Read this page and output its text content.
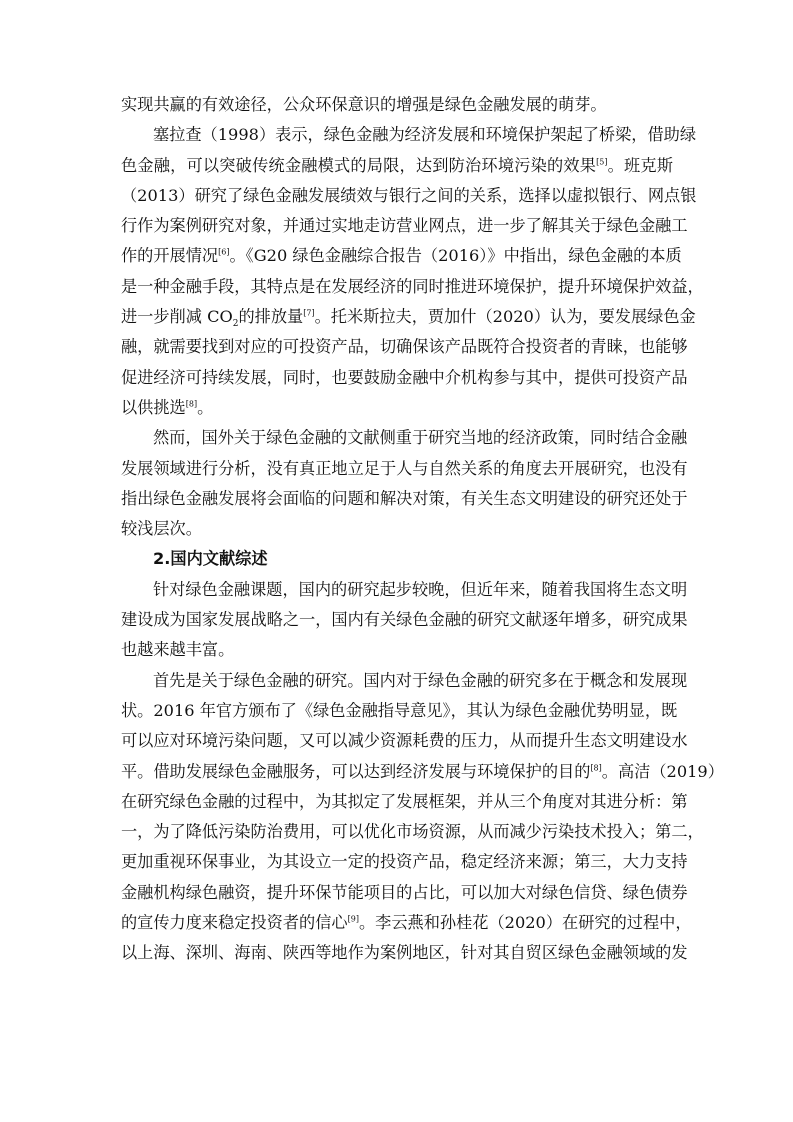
实现共赢的有效途径，公众环保意识的增强是绿色金融发展的萌芽。
塞拉查（1998）表示，绿色金融为经济发展和环境保护架起了桥梁，借助绿
色金融，可以突破传统金融模式的局限，达到防治环境污染的效果[5]。班克斯
（2013）研究了绿色金融发展绩效与银行之间的关系，选择以虚拟银行、网点银
行作为案例研究对象，并通过实地走访营业网点，进一步了解其关于绿色金融工
作的开展情况[6]。《G20 绿色金融综合报告（2016）》中指出，绿色金融的本质
是一种金融手段，其特点是在发展经济的同时推进环境保护，提升环境保护效益，
进一步削减 $CO_2$的排放量[7]。托米斯拉夫，贾加什（2020）认为，要发展绿色金
融，就需要找到对应的可投资产品，切确保该产品既符合投资者的青睐，也能够
促进经济可持续发展，同时，也要鼓励金融中介机构参与其中，提供可投资产品
以供挑选[8]。
然而，国外关于绿色金融的文献侧重于研究当地的经济政策，同时结合金融
发展领域进行分析，没有真正地立足于人与自然关系的角度去开展研究，也没有
指出绿色金融发展将会面临的问题和解决对策，有关生态文明建设的研究还处于
较浅层次。
2.国内文献综述
针对绿色金融课题，国内的研究起步较晚，但近年来，随着我国将生态文明
建设成为国家发展战略之一，国内有关绿色金融的研究文献逐年增多，研究成果
也越来越丰富。
首先是关于绿色金融的研究。国内对于绿色金融的研究多在于概念和发展现
状。2016 年官方颁布了《绿色金融指导意见》，其认为绿色金融优势明显，既
可以应对环境污染问题，又可以减少资源耗费的压力，从而提升生态文明建设水
平。借助发展绿色金融服务，可以达到经济发展与环境保护的目的[8]。高洁（2019）
在研究绿色金融的过程中，为其拟定了发展框架，并从三个角度对其进分析：第
一，为了降低污染防治费用，可以优化市场资源，从而减少污染技术投入；第二，
更加重视环保事业，为其设立一定的投资产品，稳定经济来源；第三，大力支持
金融机构绿色融资，提升环保节能项目的占比，可以加大对绿色信贷、绿色债券
的宣传力度来稳定投资者的信心[9]。李云燕和孙桂花（2020）在研究的过程中，
以上海、深圳、海南、陕西等地作为案例地区，针对其自贸区绿色金融领域的发
